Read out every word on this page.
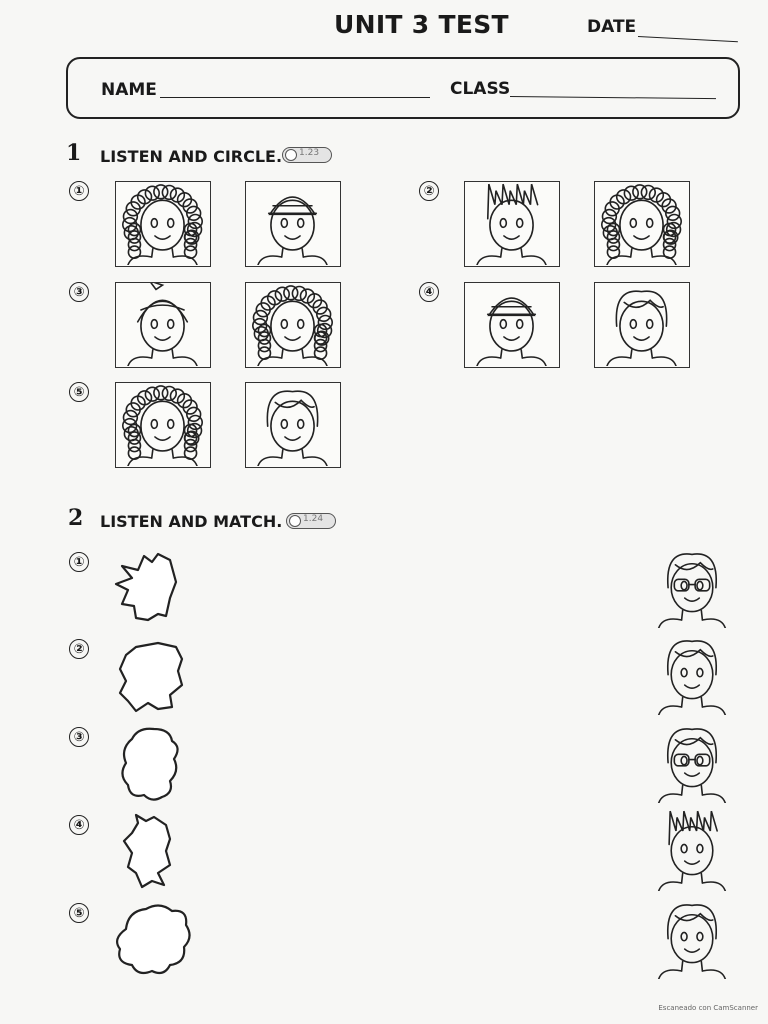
UNIT 3 TEST	DATE
NAME	CLASS
1 LISTEN AND CIRCLE. 1.23
①	②
③	④
⑤
2 LISTEN AND MATCH. 1.24
①
②
③
④
⑤
Escaneado con CamScanner
